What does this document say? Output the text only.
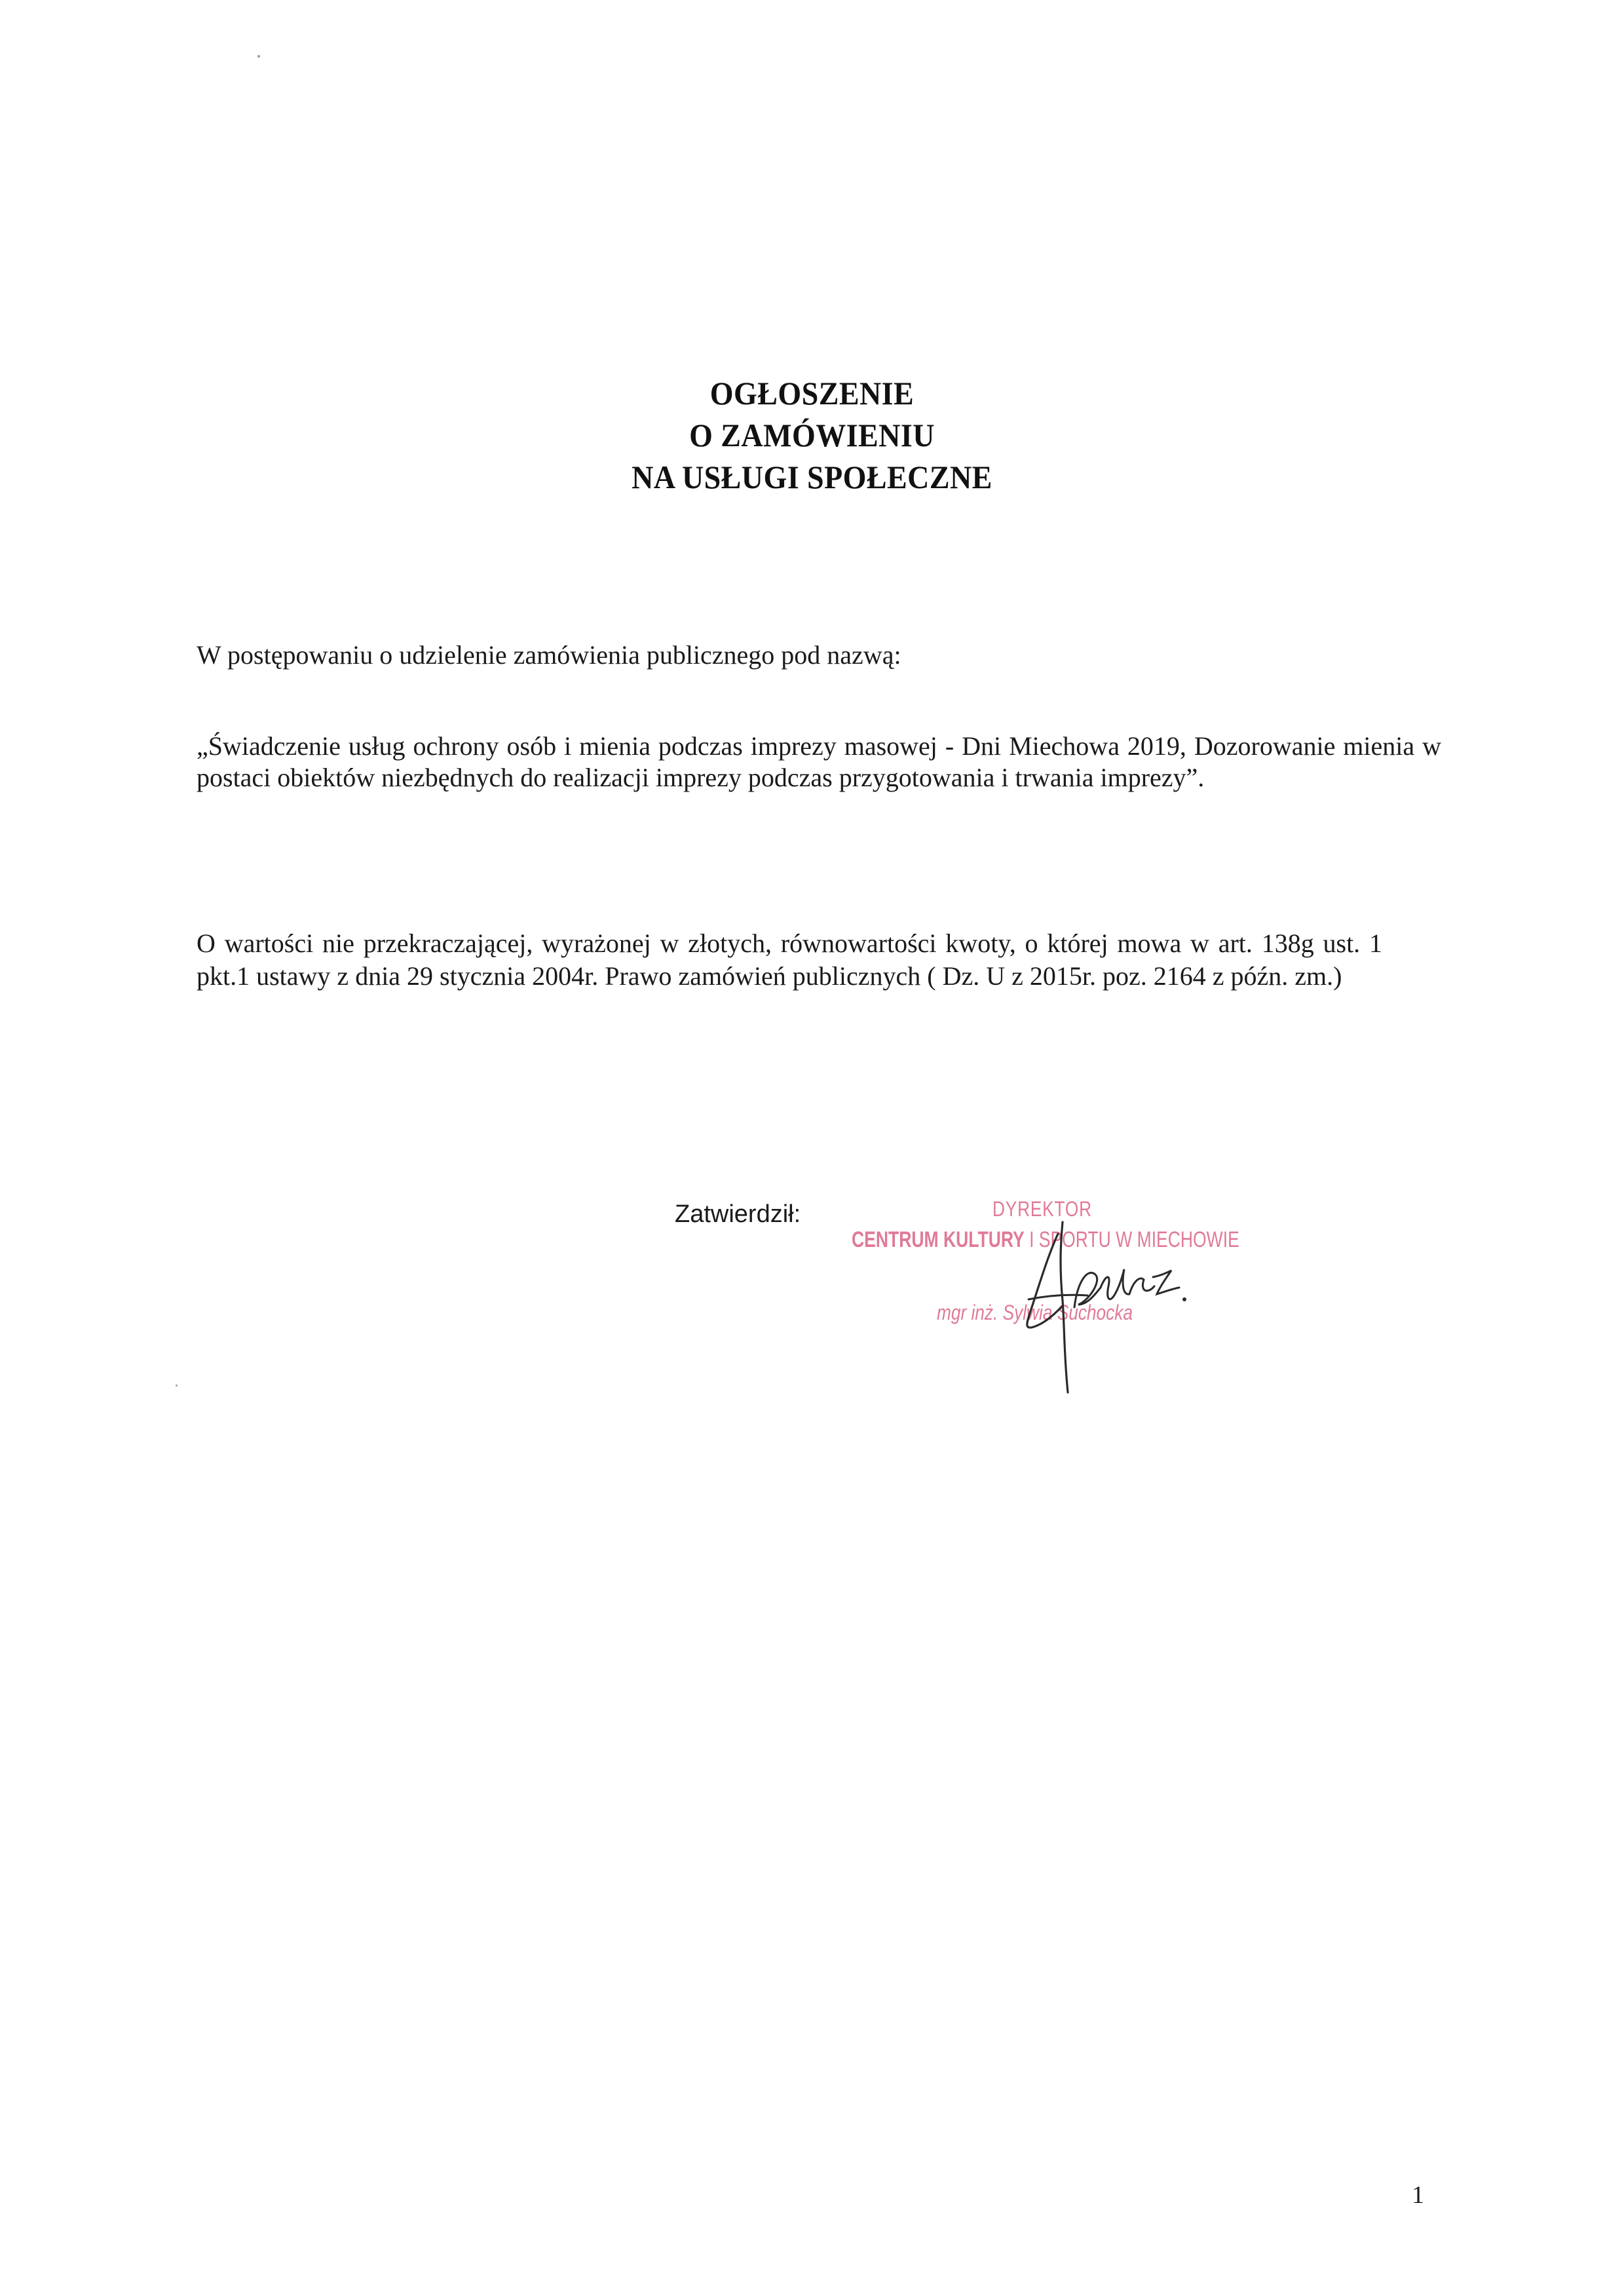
OGŁOSZENIE
O ZAMÓWIENIU
NA USŁUGI SPOŁECZNE
W postępowaniu o udzielenie zamówienia publicznego pod nazwą:
„Świadczenie usług ochrony osób i mienia podczas imprezy masowej - Dni Miechowa 2019, Dozorowanie mienia w postaci obiektów niezbędnych do realizacji imprezy podczas przygotowania i trwania imprezy”.
O wartości nie przekraczającej, wyrażonej w złotych, równowartości kwoty, o której mowa w art. 138g ust. 1 pkt.1 ustawy z dnia 29 stycznia 2004r. Prawo zamówień publicznych ( Dz. U z 2015r. poz. 2164 z późn. zm.)
Zatwierdził:	DYREKTOR
CENTRUM KULTURY I SPORTU W MIECHOWIE
mgr inż. Sylwia Suchocka
1
